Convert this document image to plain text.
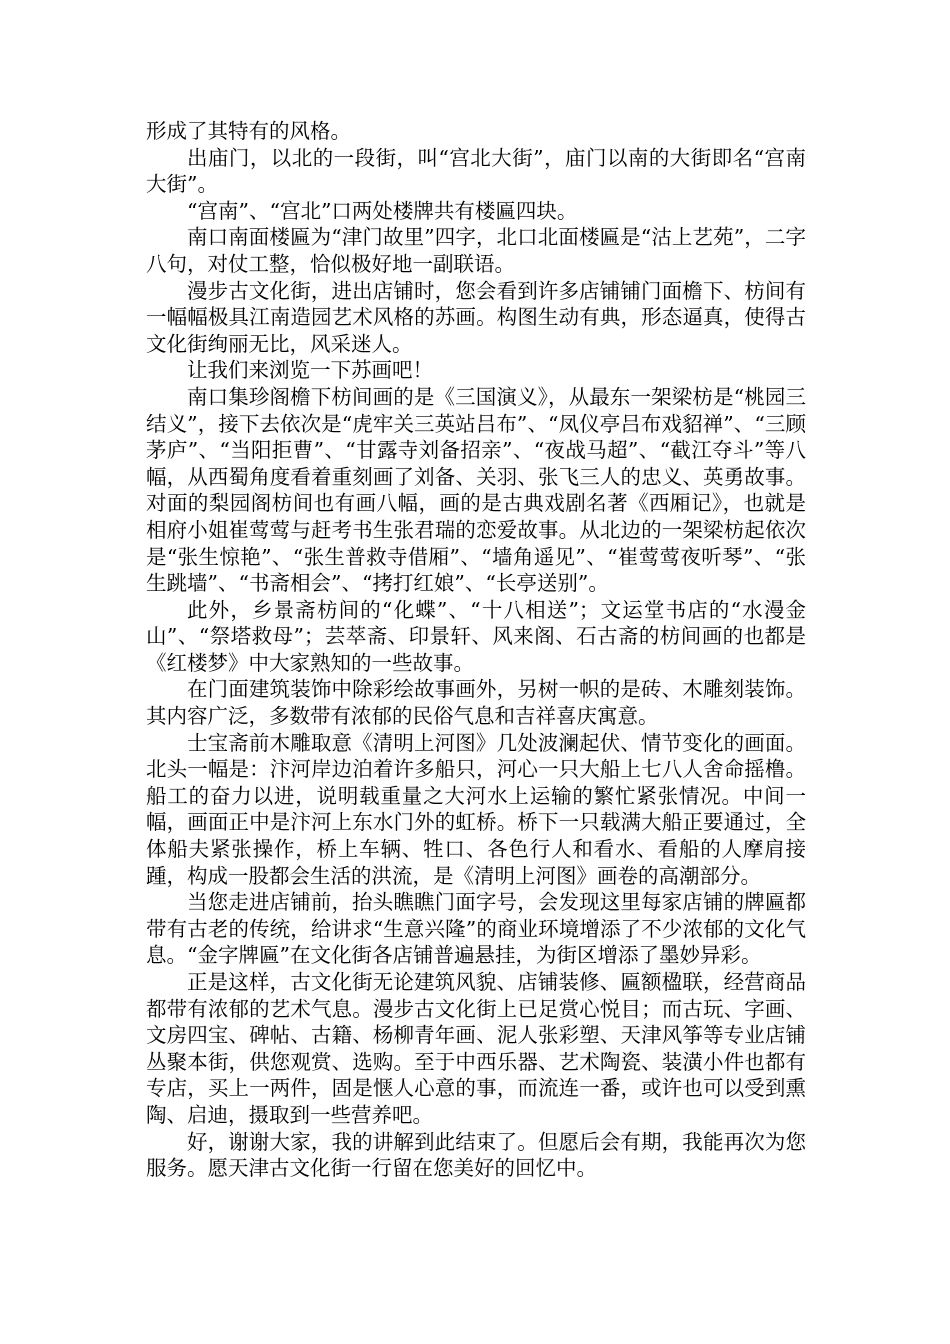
形成了其特有的风格。

出庙门，以北的一段街，叫“宫北大街”，庙门以南的大街即名“宫南大街”。

“宫南”、“宫北”口两处楼牌共有楼匾四块。

南口南面楼匾为“津门故里”四字，北口北面楼匾是“沽上艺苑”，二字八句，对仗工整，恰似极好地一副联语。

漫步古文化街，进出店铺时，您会看到许多店铺铺门面檐下、枋间有一幅幅极具江南造园艺术风格的苏画。构图生动有典，形态逼真，使得古文化街绚丽无比，风采迷人。

让我们来浏览一下苏画吧！

南口集珍阁檐下枋间画的是《三国演义》，从最东一架梁枋是“桃园三结义”，接下去依次是“虎牢关三英站吕布”、“凤仪亭吕布戏貂禅”、“三顾茅庐”、“当阳拒曹”、“甘露寺刘备招亲”、“夜战马超”、“截江夺斗”等八幅，从西蜀角度看着重刻画了刘备、关羽、张飞三人的忠义、英勇故事。对面的梨园阁枋间也有画八幅，画的是古典戏剧名著《西厢记》，也就是相府小姐崔莺莺与赶考书生张君瑞的恋爱故事。从北边的一架梁枋起依次是“张生惊艳”、“张生普救寺借厢”、“墙角遥见”、“崔莺莺夜听琴”、“张生跳墙”、“书斋相会”、“拷打红娘”、“长亭送别”。

此外，乡景斋枋间的“化蝶”、“十八相送”；文运堂书店的“水漫金山”、“祭塔救母”；芸萃斋、印景轩、风来阁、石古斋的枋间画的也都是《红楼梦》中大家熟知的一些故事。

在门面建筑装饰中除彩绘故事画外，另树一帜的是砖、木雕刻装饰。其内容广泛，多数带有浓郁的民俗气息和吉祥喜庆寓意。

士宝斋前木雕取意《清明上河图》几处波澜起伏、情节变化的画面。北头一幅是：汴河岸边泊着许多船只，河心一只大船上七八人舍命摇橹。船工的奋力以进，说明载重量之大河水上运输的繁忙紧张情况。中间一幅，画面正中是汴河上东水门外的虹桥。桥下一只载满大船正要通过，全体船夫紧张操作，桥上车辆、牲口、各色行人和看水、看船的人摩肩接踵，构成一股都会生活的洪流，是《清明上河图》画卷的高潮部分。

当您走进店铺前，抬头瞧瞧门面字号，会发现这里每家店铺的牌匾都带有古老的传统，给讲求“生意兴隆”的商业环境增添了不少浓郁的文化气息。“金字牌匾”在文化街各店铺普遍悬挂，为街区增添了墨妙异彩。

正是这样，古文化街无论建筑风貌、店铺装修、匾额楹联，经营商品都带有浓郁的艺术气息。漫步古文化街上已足赏心悦目；而古玩、字画、文房四宝、碑帖、古籍、杨柳青年画、泥人张彩塑、天津风筝等专业店铺丛聚本街，供您观赏、选购。至于中西乐器、艺术陶瓷、装潢小件也都有专店，买上一两件，固是惬人心意的事，而流连一番，或许也可以受到熏陶、启迪，摄取到一些营养吧。

好，谢谢大家，我的讲解到此结束了。但愿后会有期，我能再次为您服务。愿天津古文化街一行留在您美好的回忆中。
